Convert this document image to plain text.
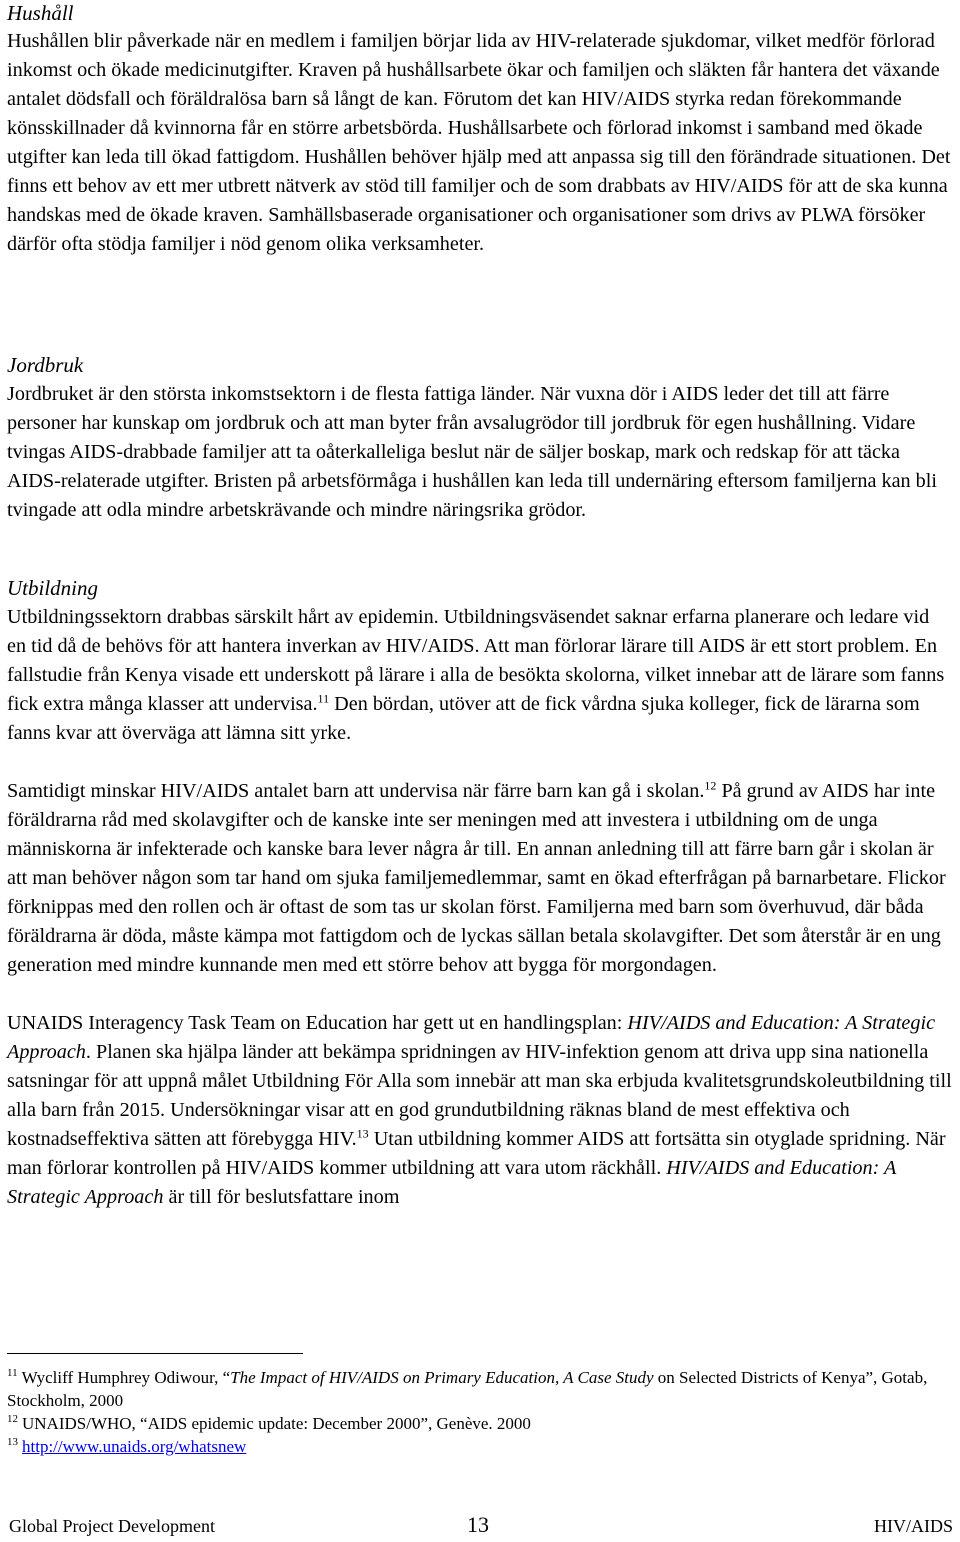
Hushåll

Hushållen blir påverkade när en medlem i familjen börjar lida av HIV-relaterade sjukdomar, vilket medför förlorad inkomst och ökade medicinutgifter. Kraven på hushållsarbete ökar och familjen och släkten får hantera det växande antalet dödsfall och föräldralösa barn så långt de kan. Förutom det kan HIV/AIDS styrka redan förekommande könsskillnader då kvinnorna får en större arbetsbörda. Hushållsarbete och förlorad inkomst i samband med ökade utgifter kan leda till ökad fattigdom. Hushållen behöver hjälp med att anpassa sig till den förändrade situationen. Det finns ett behov av ett mer utbrett nätverk av stöd till familjer och de som drabbats av HIV/AIDS för att de ska kunna handskas med de ökade kraven. Samhällsbaserade organisationer och organisationer som drivs av PLWA försöker därför ofta stödja familjer i nöd genom olika verksamheter.

Jordbruk

Jordbruket är den största inkomstsektorn i de flesta fattiga länder. När vuxna dör i AIDS leder det till att färre personer har kunskap om jordbruk och att man byter från avsalugrödor till jordbruk för egen hushållning. Vidare tvingas AIDS-drabbade familjer att ta oåterkalleliga beslut när de säljer boskap, mark och redskap för att täcka AIDS-relaterade utgifter. Bristen på arbetsförmåga i hushållen kan leda till undernäring eftersom familjerna kan bli tvingade att odla mindre arbetskrävande och mindre näringsrika grödor.

Utbildning

Utbildningssektorn drabbas särskilt hårt av epidemin. Utbildningsväsendet saknar erfarna planerare och ledare vid en tid då de behövs för att hantera inverkan av HIV/AIDS. Att man förlorar lärare till AIDS är ett stort problem. En fallstudie från Kenya visade ett underskott på lärare i alla de besökta skolorna, vilket innebar att de lärare som fanns fick extra många klasser att undervisa.$^{11}$ Den bördan, utöver att de fick vårdna sjuka kolleger, fick de lärarna som fanns kvar att överväga att lämna sitt yrke.

Samtidigt minskar HIV/AIDS antalet barn att undervisa när färre barn kan gå i skolan.$^{12}$ På grund av AIDS har inte föräldrarna råd med skolavgifter och de kanske inte ser meningen med att investera i utbildning om de unga människorna är infekterade och kanske bara lever några år till. En annan anledning till att färre barn går i skolan är att man behöver någon som tar hand om sjuka familjemedlemmar, samt en ökad efterfrågan på barnarbetare. Flickor förknippas med den rollen och är oftast de som tas ur skolan först. Familjerna med barn som överhuvud, där båda föräldrarna är döda, måste kämpa mot fattigdom och de lyckas sällan betala skolavgifter. Det som återstår är en ung generation med mindre kunnande men med ett större behov att bygga för morgondagen.

UNAIDS Interagency Task Team on Education har gett ut en handlingsplan: HIV/AIDS and Education: A Strategic Approach. Planen ska hjälpa länder att bekämpa spridningen av HIV-infektion genom att driva upp sina nationella satsningar för att uppnå målet Utbildning För Alla som innebär att man ska erbjuda kvalitetsgrundskoleutbildning till alla barn från 2015. Undersökningar visar att en god grundutbildning räknas bland de mest effektiva och kostnadseffektiva sätten att förebygga HIV.$^{13}$ Utan utbildning kommer AIDS att fortsätta sin otyglade spridning. När man förlorar kontrollen på HIV/AIDS kommer utbildning att vara utom räckhåll. HIV/AIDS and Education: A Strategic Approach är till för beslutsfattare inom

$^{11}$ Wycliff Humphrey Odiwour, “The Impact of HIV/AIDS on Primary Education, A Case Study on Selected Districts of Kenya”, Gotab, Stockholm, 2000

$^{12}$ UNAIDS/WHO, “AIDS epidemic update: December 2000”, Genève. 2000

$^{13}$ http://www.unaids.org/whatsnew

Global Project Development	13	HIV/AIDS
